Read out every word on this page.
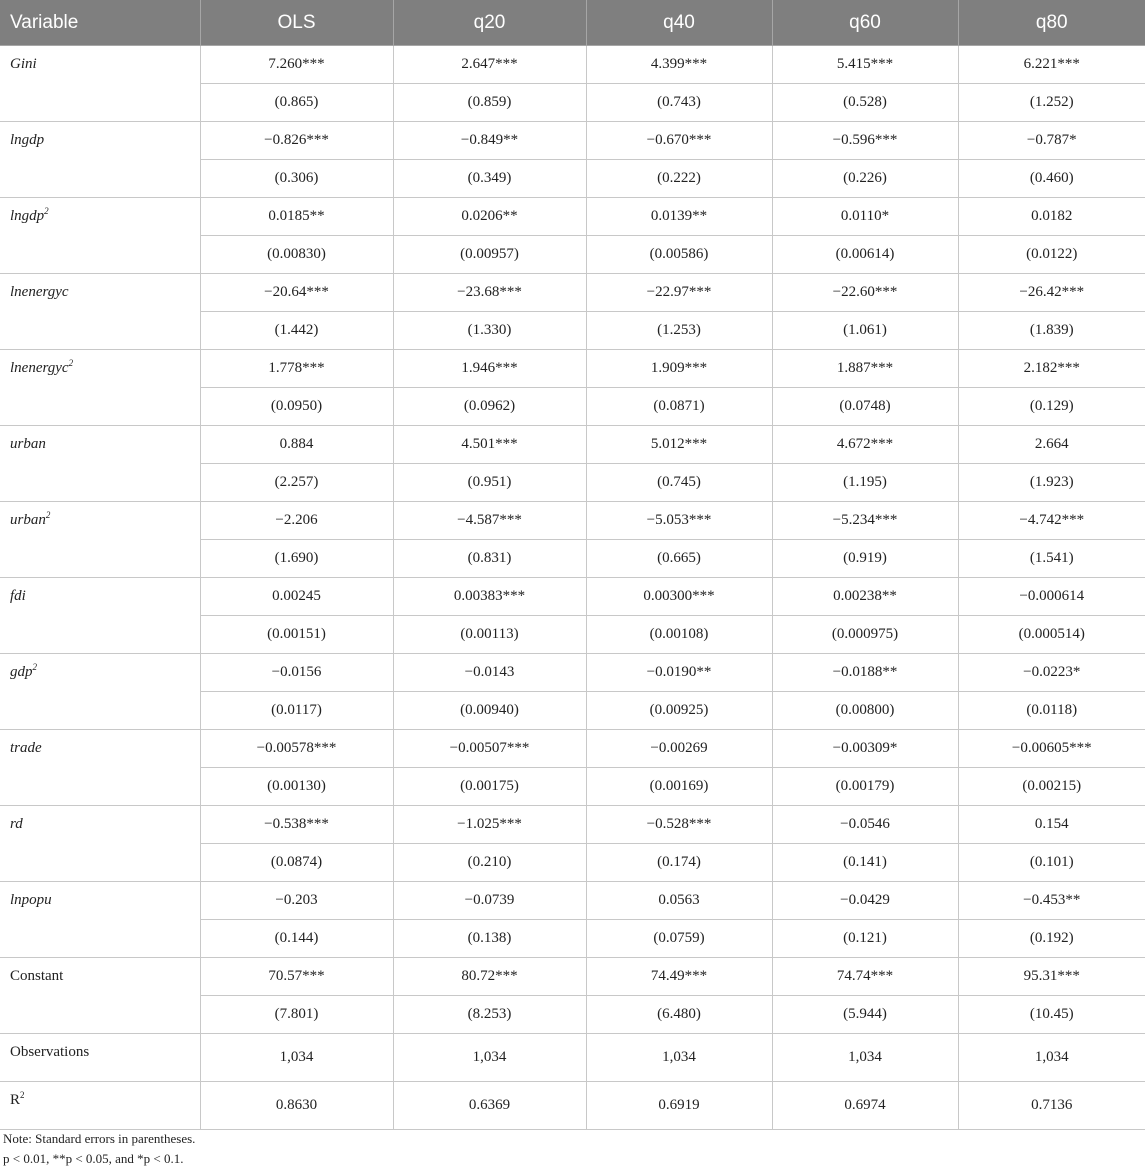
Variable	OLS	q20	q40	q60	q80
Gini	7.260***	2.647***	4.399***	5.415***	6.221***
	(0.865)	(0.859)	(0.743)	(0.528)	(1.252)
lngdp	−0.826***	−0.849**	−0.670***	−0.596***	−0.787*
	(0.306)	(0.349)	(0.222)	(0.226)	(0.460)
lngdp$^2$	0.0185**	0.0206**	0.0139**	0.0110*	0.0182
	(0.00830)	(0.00957)	(0.00586)	(0.00614)	(0.0122)
lnenergyc	−20.64***	−23.68***	−22.97***	−22.60***	−26.42***
	(1.442)	(1.330)	(1.253)	(1.061)	(1.839)
lnenergyc$^2$	1.778***	1.946***	1.909***	1.887***	2.182***
	(0.0950)	(0.0962)	(0.0871)	(0.0748)	(0.129)
urban	0.884	4.501***	5.012***	4.672***	2.664
	(2.257)	(0.951)	(0.745)	(1.195)	(1.923)
urban$^2$	−2.206	−4.587***	−5.053***	−5.234***	−4.742***
	(1.690)	(0.831)	(0.665)	(0.919)	(1.541)
fdi	0.00245	0.00383***	0.00300***	0.00238**	−0.000614
	(0.00151)	(0.00113)	(0.00108)	(0.000975)	(0.000514)
gdp$^2$	−0.0156	−0.0143	−0.0190**	−0.0188**	−0.0223*
	(0.0117)	(0.00940)	(0.00925)	(0.00800)	(0.0118)
trade	−0.00578***	−0.00507***	−0.00269	−0.00309*	−0.00605***
	(0.00130)	(0.00175)	(0.00169)	(0.00179)	(0.00215)
rd	−0.538***	−1.025***	−0.528***	−0.0546	0.154
	(0.0874)	(0.210)	(0.174)	(0.141)	(0.101)
lnpopu	−0.203	−0.0739	0.0563	−0.0429	−0.453**
	(0.144)	(0.138)	(0.0759)	(0.121)	(0.192)
Constant	70.57***	80.72***	74.49***	74.74***	95.31***
	(7.801)	(8.253)	(6.480)	(5.944)	(10.45)
Observations	1,034	1,034	1,034	1,034	1,034
$R^2$	0.8630	0.6369	0.6919	0.6974	0.7136
Note: Standard errors in parentheses.
p < 0.01, **p < 0.05, and *p < 0.1.
